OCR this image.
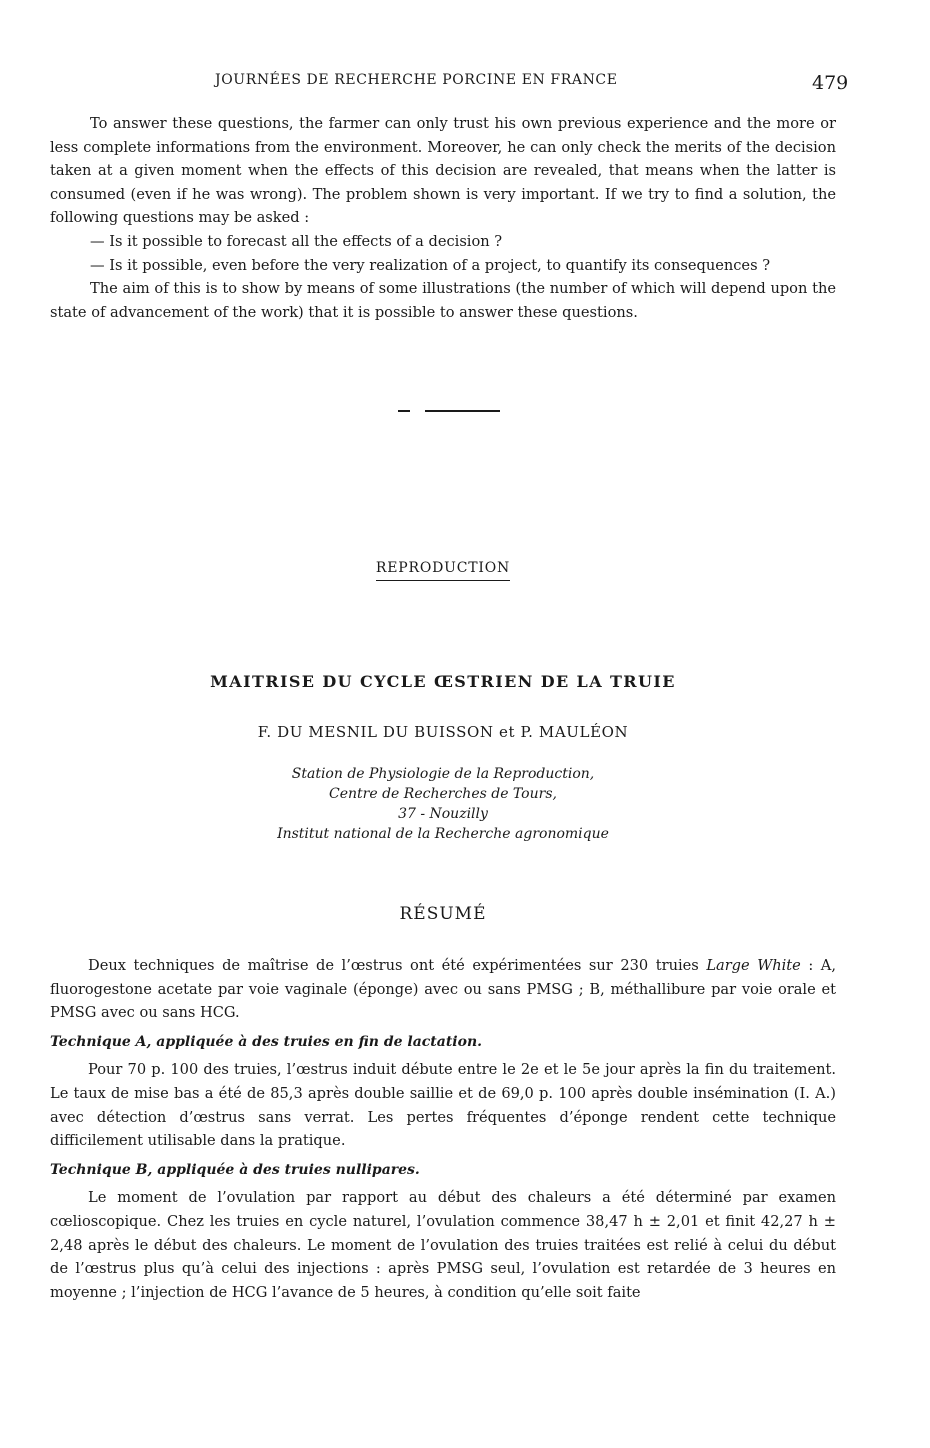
JOURNÉES DE RECHERCHE PORCINE EN FRANCE	479

To answer these questions, the farmer can only trust his own previous experience and the more or less complete informations from the environment. Moreover, he can only check the merits of the decision taken at a given moment when the effects of this decision are revealed, that means when the latter is consumed (even if he was wrong). The problem shown is very important. If we try to find a solution, the following questions may be asked :

— Is it possible to forecast all the effects of a decision ?

— Is it possible, even before the very realization of a project, to quantify its consequences ?

The aim of this is to show by means of some illustrations (the number of which will depend upon the state of advancement of the work) that it is possible to answer these questions.

REPRODUCTION
MAITRISE DU CYCLE ŒSTRIEN DE LA TRUIE
F. DU MESNIL DU BUISSON et P. MAULÉON
Station de Physiologie de la Reproduction,
Centre de Recherches de Tours,
37 - Nouzilly
Institut national de la Recherche agronomique
RÉSUMÉ

Deux techniques de maîtrise de l’œstrus ont été expérimentées sur 230 truies Large White : A, fluorogestone acetate par voie vaginale (éponge) avec ou sans PMSG ; B, méthallibure par voie orale et PMSG avec ou sans HCG.

Technique A, appliquée à des truies en fin de lactation.

Pour 70 p. 100 des truies, l’œstrus induit débute entre le 2e et le 5e jour après la fin du traitement. Le taux de mise bas a été de 85,3 après double saillie et de 69,0 p. 100 après double insémination (I. A.) avec détection d’œstrus sans verrat. Les pertes fréquentes d’éponge rendent cette technique difficilement utilisable dans la pratique.

Technique B, appliquée à des truies nullipares.

Le moment de l’ovulation par rapport au début des chaleurs a été déterminé par examen cœlioscopique. Chez les truies en cycle naturel, l’ovulation commence 38,47 h ± 2,01 et finit 42,27 h ± 2,48 après le début des chaleurs. Le moment de l’ovulation des truies traitées est relié à celui du début de l’œstrus plus qu’à celui des injections : après PMSG seul, l’ovulation est retardée de 3 heures en moyenne ; l’injection de HCG l’avance de 5 heures, à condition qu’elle soit faite
